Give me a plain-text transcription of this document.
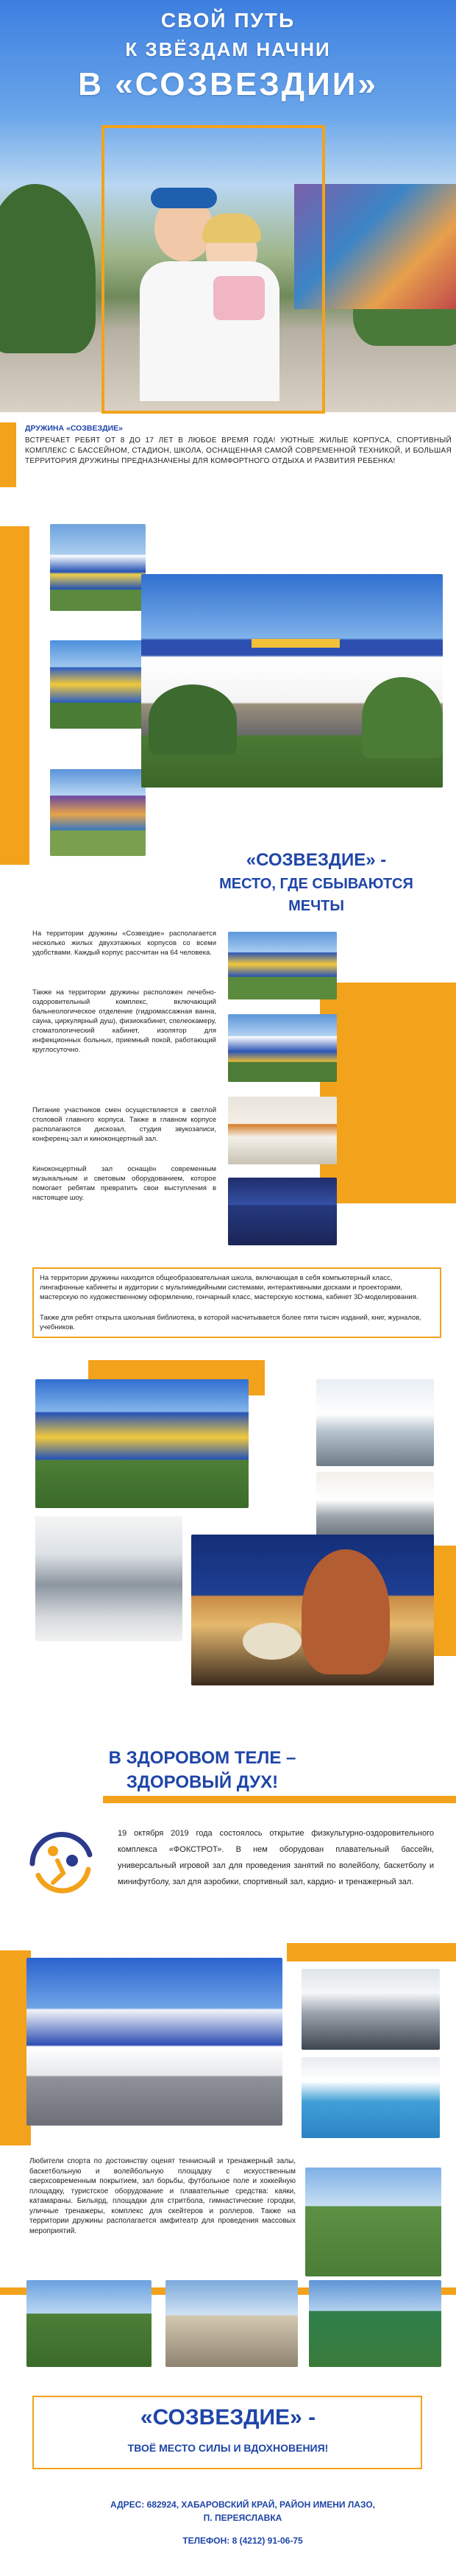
СВОЙ ПУТЬ
К ЗВЁЗДАМ НАЧНИ
В «СОЗВЕЗДИИ»
ДРУЖИНА «СОЗВЕЗДИЕ»
ВСТРЕЧАЕТ РЕБЯТ ОТ 8 ДО 17 ЛЕТ В ЛЮБОЕ ВРЕМЯ ГОДА! УЮТНЫЕ ЖИЛЫЕ КОРПУСА, СПОРТИВНЫЙ КОМПЛЕКС С БАССЕЙНОМ, СТАДИОН, ШКОЛА, ОСНАЩЕННАЯ САМОЙ СОВРЕМЕННОЙ ТЕХНИКОЙ, И БОЛЬШАЯ ТЕРРИТОРИЯ ДРУЖИНЫ ПРЕДНАЗНАЧЕНЫ ДЛЯ КОМФОРТНОГО ОТДЫХА И РАЗВИТИЯ РЕБЕНКА!
«СОЗВЕЗДИЕ» -
МЕСТО, ГДЕ СБЫВАЮТСЯ
МЕЧТЫ
На территории дружины «Созвездие» располагается несколько жилых двухэтажных корпусов со всеми удобствами. Каждый корпус рассчитан на 64 человека.
Также на территории дружины расположен лечебно-оздоровительный комплекс, включающий бальнеологическое отделение (гидромассажная ванна, сауна, циркулярный душ), физиокабинет, спелеокамеру, стоматологический кабинет, изолятор для инфекционных больных, приемный покой, работающий круглосуточно.
Питание участников смен осуществляется в светлой столовой главного корпуса. Также в главном корпусе располагаются дискозал, студия звукозаписи, конференц-зал и киноконцертный зал.
Киноконцертный зал оснащён современным музыкальным и световым оборудованием, которое помогает ребятам превратить свои выступления в настоящее шоу.
На территории дружины находится общеобразовательная школа, включающая в себя компьютерный класс, лингафонные кабинеты и аудитории с мультимедийными системами, интерактивными досками и проекторами, мастерскую по художественному оформлению, гончарный класс, мастерскую костюма, кабинет 3D-моделирования.
Также для ребят открыта школьная библиотека, в которой насчитывается более пяти тысяч изданий, книг, журналов, учебников.
В ЗДОРОВОМ ТЕЛЕ –
ЗДОРОВЫЙ ДУХ!
19 октября 2019 года состоялось открытие физкультурно-оздоровительного комплекса «ФОКСТРОТ». В нем оборудован плавательный бассейн, универсальный игровой зал для проведения занятий по волейболу, баскетболу и минифутболу, зал для аэробики, спортивный зал, кардио- и тренажерный зал.
Любители спорта по достоинству оценят теннисный и тренажерный залы, баскетбольную и волейбольную площадку с искусственным сверхсоврeменным покрытием, зал борьбы, футбольное поле и хоккейную площадку, туристское оборудование и плавательные средства: каяки, катамараны. Бильярд, площадки для стритбола, гимнастические городки, уличные тренажеры, комплекс для скейтеров и роллеров. Также на территории дружины располагается амфитеатр для проведения массовых мероприятий.
«СОЗВЕЗДИЕ» -
ТВОЁ МЕСТО СИЛЫ И ВДОХНОВЕНИЯ!
АДРЕС: 682924, ХАБАРОВСКИЙ КРАЙ, РАЙОН ИМЕНИ ЛАЗО,
П. ПЕРЕЯСЛАВКА
ТЕЛЕФОН: 8 (4212) 91-06-75
